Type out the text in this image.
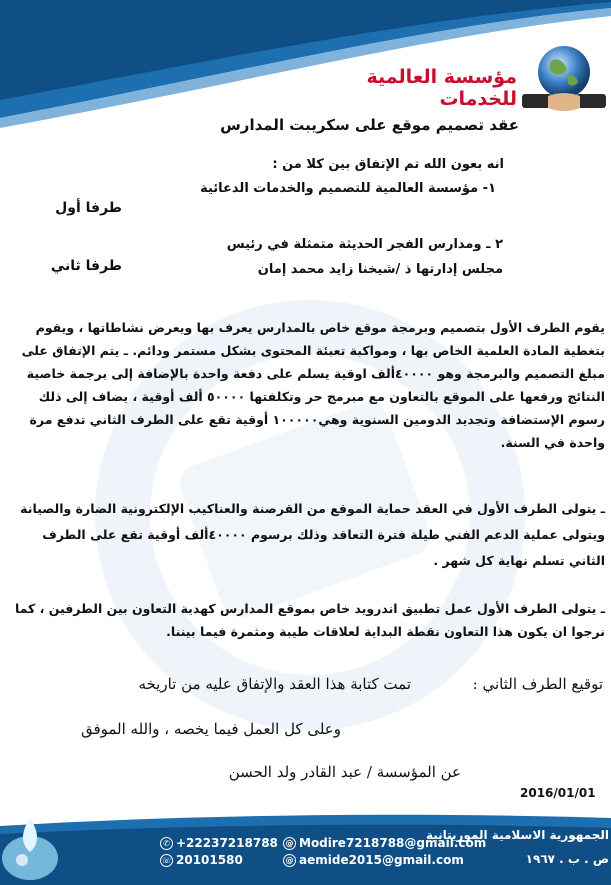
مؤسسة العالمية للخدمات
عقد تصميم موقع على سكريبت المدارس
انه بعون الله تم الإتفاق بين كلا من :
١- مؤسسة العالمية للتصميم والخدمات الدعائية
طرفا أول
٢ ـ ومدارس الفجر الحديثة متمثلة في رئيس
مجلس إدارتها ذ /شيخنا زايد محمد إمان
طرفا ثاني
يقوم الطرف الأول بتصميم وبرمجة موقع خاص بالمدارس يعرف بها ويعرض نشاطاتها ، ويقوم بتغطية المادة العلمية الخاص بها ، ومواكبة تعبئة المحتوى بشكل مستمر ودائم. ـ يتم الإتفاق على مبلغ التصميم والبرمجة وهو ٤٠٠٠٠ألف اوقية يسلم على دفعة واحدة بالإضافة إلى برجمة خاصية النتائج ورفعها على الموقع بالتعاون مع مبرمج حر وتكلفتها ٥٠٠٠٠ ألف أوقية ، يضاف إلى ذلك رسوم الإستضافة وتجديد الدومين السنوية وهي١٠٠٠٠٠ أوقية تقع على الطرف الثاني تدفع مرة واحدة في السنة.
ـ يتولى الطرف الأول في العقد حماية الموقع من القرصنة والعناكيب الإلكترونية الضارة والصيانة ويتولى عملية الدعم الفني طيلة فترة التعاقد وذلك برسوم ٤٠٠٠٠ألف أوقية تقع على الطرف الثاني تسلم نهاية كل شهر .
ـ يتولى الطرف الأول عمل تطبيق اندرويد خاص بموقع المدارس كهدية التعاون بين الطرفين ، كما نرجوا ان يكون هذا التعاون نقطة البداية لعلاقات طيبة ومثمرة فيما بيننا.
توقيع الطرف الثاني :
تمت كتابة هذا العقد والإتفاق عليه من تاريخه
وعلى كل العمل فيما يخصه ، والله الموفق
عن المؤسسة / عبد القادر ولد الحسن
2016/01/01
الجمهورية الاسلامية الموريتانية
ص . ب . ١٩٦٧
✆ +22237218788
☏ 20101580
@ Modire7218788@gmail.com
@ aemide2015@gmail.com
